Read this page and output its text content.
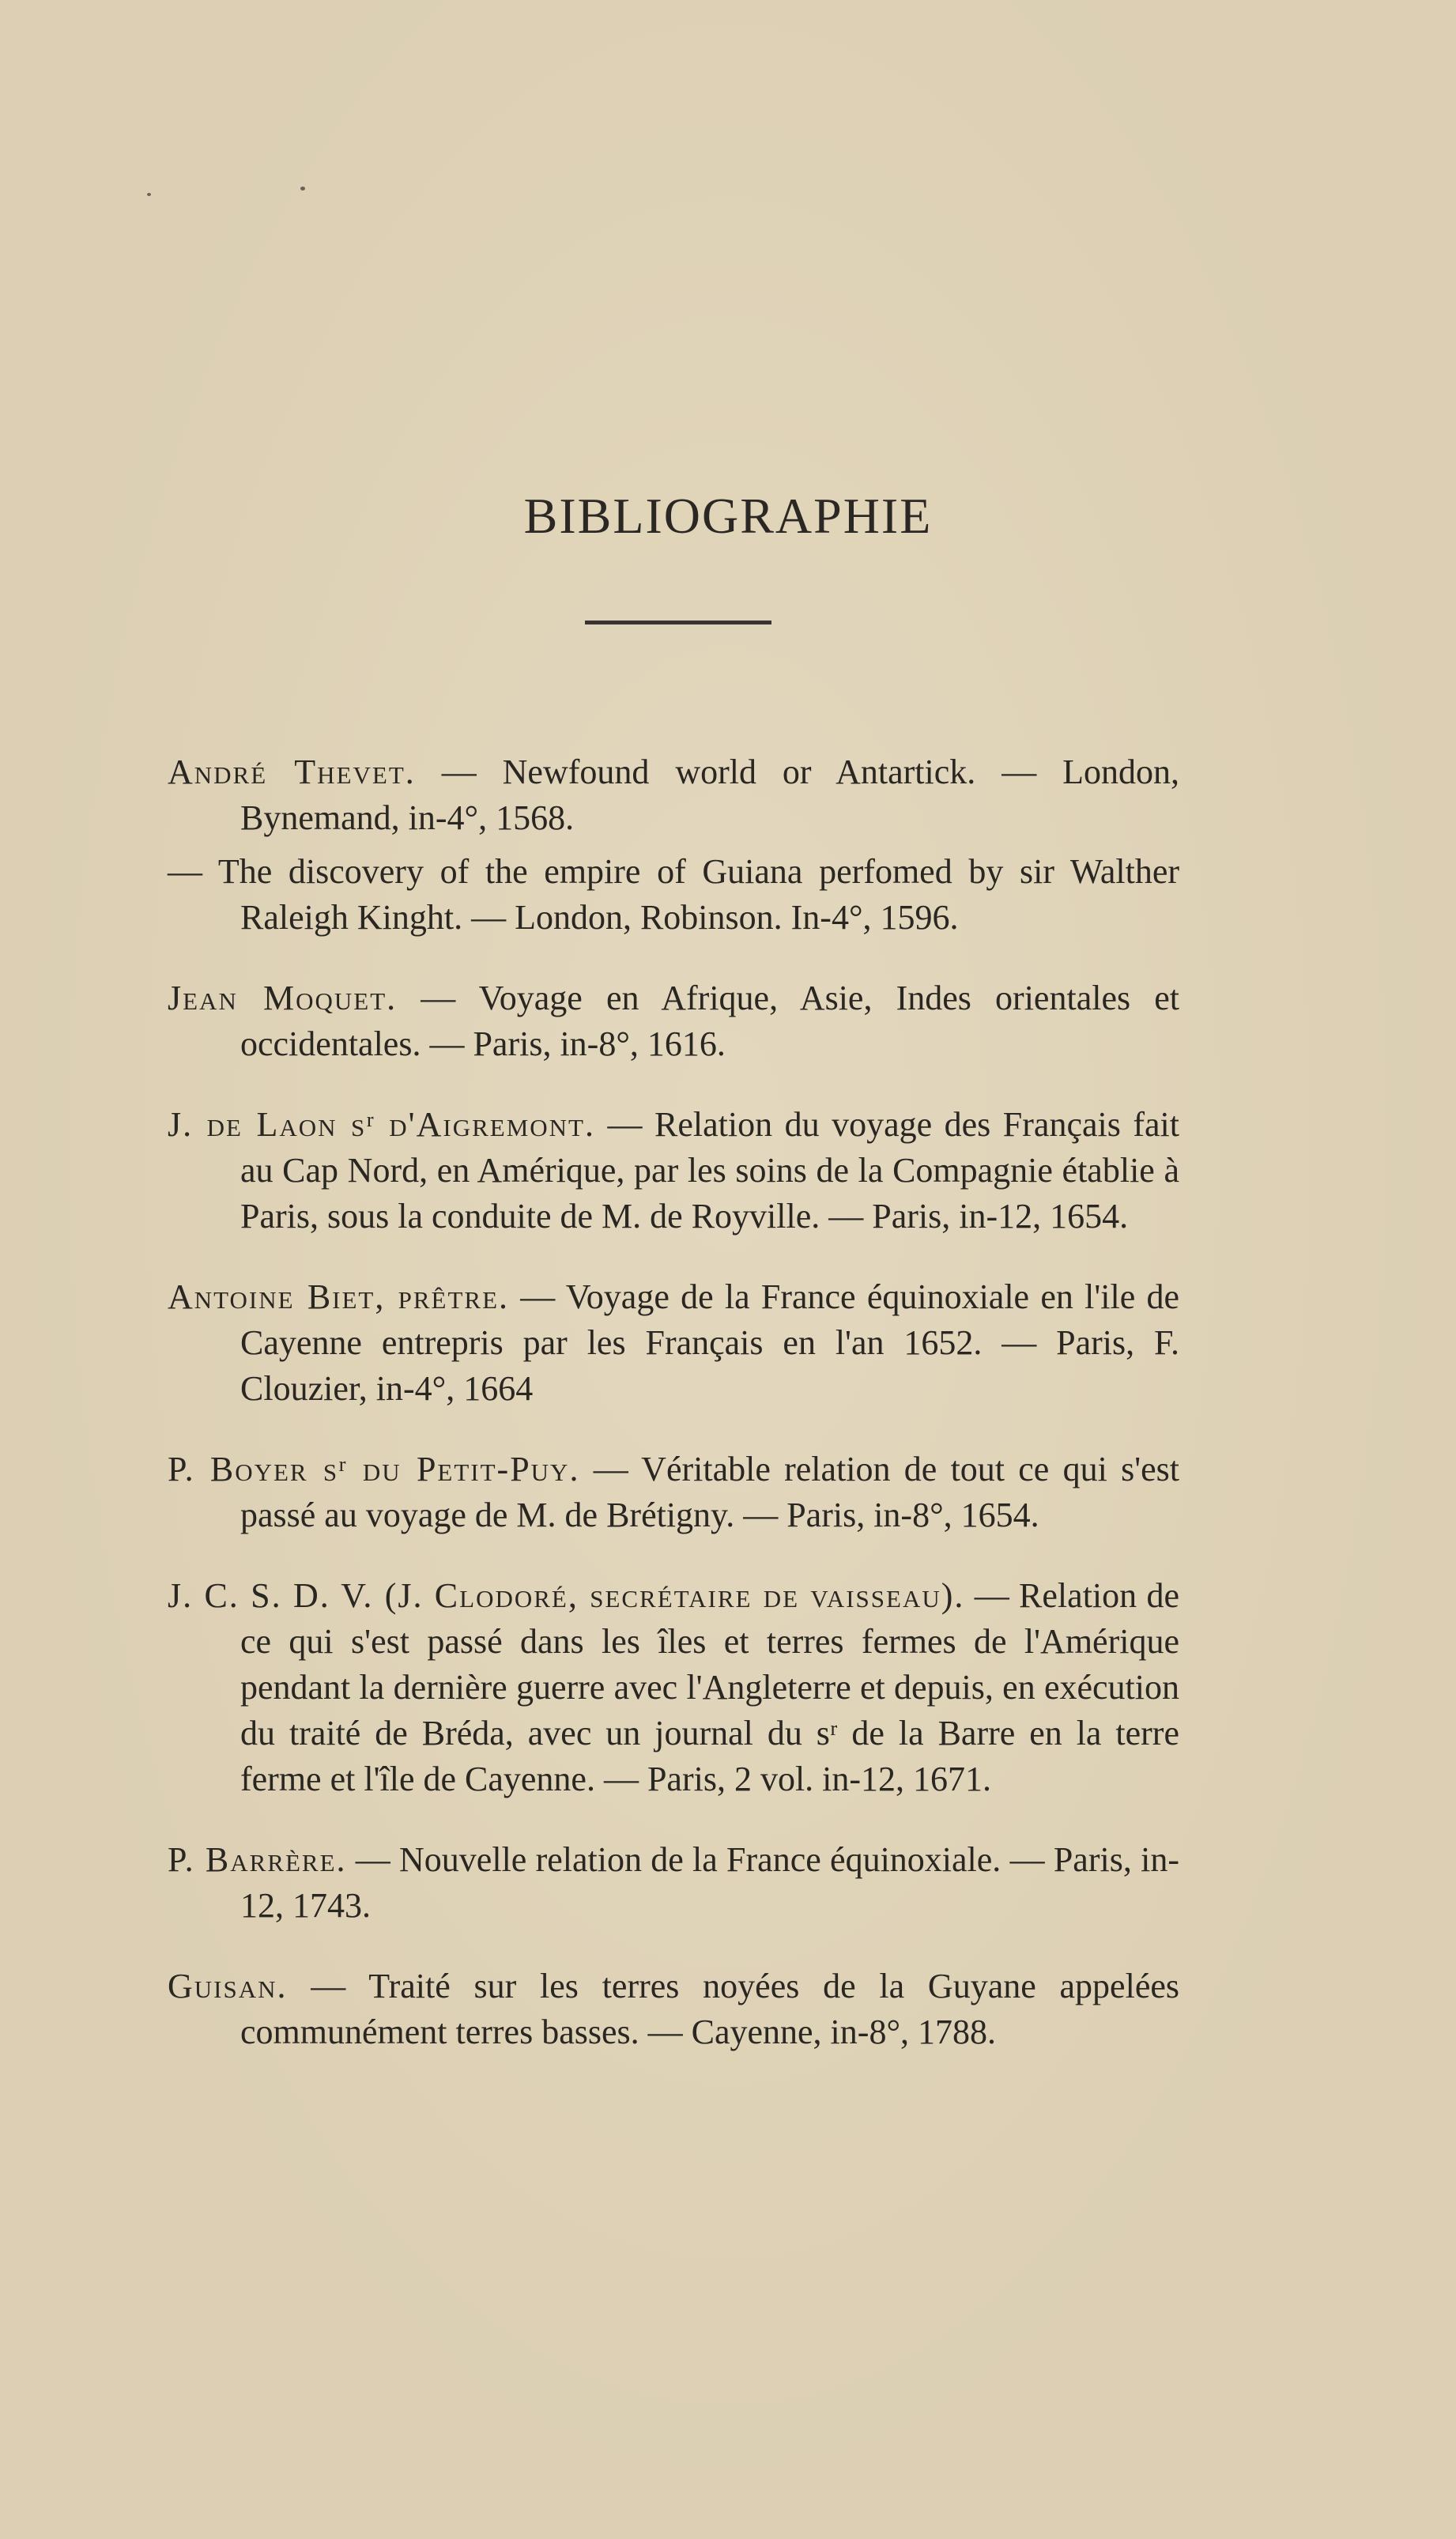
BIBLIOGRAPHIE

André Thevet. — Newfound world or Antartick. — London, Bynemand, in-4°, 1568.

— The discovery of the empire of Guiana perfomed by sir Walther Raleigh Kinght. — London, Robinson. In-4°, 1596.

Jean Moquet. — Voyage en Afrique, Asie, Indes orientales et occidentales. — Paris, in-8°, 1616.

J. de Laon sʳ d'Aigremont. — Relation du voyage des Français fait au Cap Nord, en Amérique, par les soins de la Compagnie établie à Paris, sous la conduite de M. de Royville. — Paris, in-12, 1654.

Antoine Biet, prêtre. — Voyage de la France équinoxiale en l'ile de Cayenne entrepris par les Français en l'an 1652. — Paris, F. Clouzier, in-4°, 1664

P. Boyer sʳ du Petit-Puy. — Véritable relation de tout ce qui s'est passé au voyage de M. de Brétigny. — Paris, in-8°, 1654.

J. C. S. D. V. (J. Clodoré, secrétaire de vaisseau). — Relation de ce qui s'est passé dans les îles et terres fermes de l'Amérique pendant la dernière guerre avec l'Angleterre et depuis, en exécution du traité de Bréda, avec un journal du sʳ de la Barre en la terre ferme et l'île de Cayenne. — Paris, 2 vol. in-12, 1671.

P. Barrère. — Nouvelle relation de la France équinoxiale. — Paris, in-12, 1743.

Guisan. — Traité sur les terres noyées de la Guyane appelées communément terres basses. — Cayenne, in-8°, 1788.
